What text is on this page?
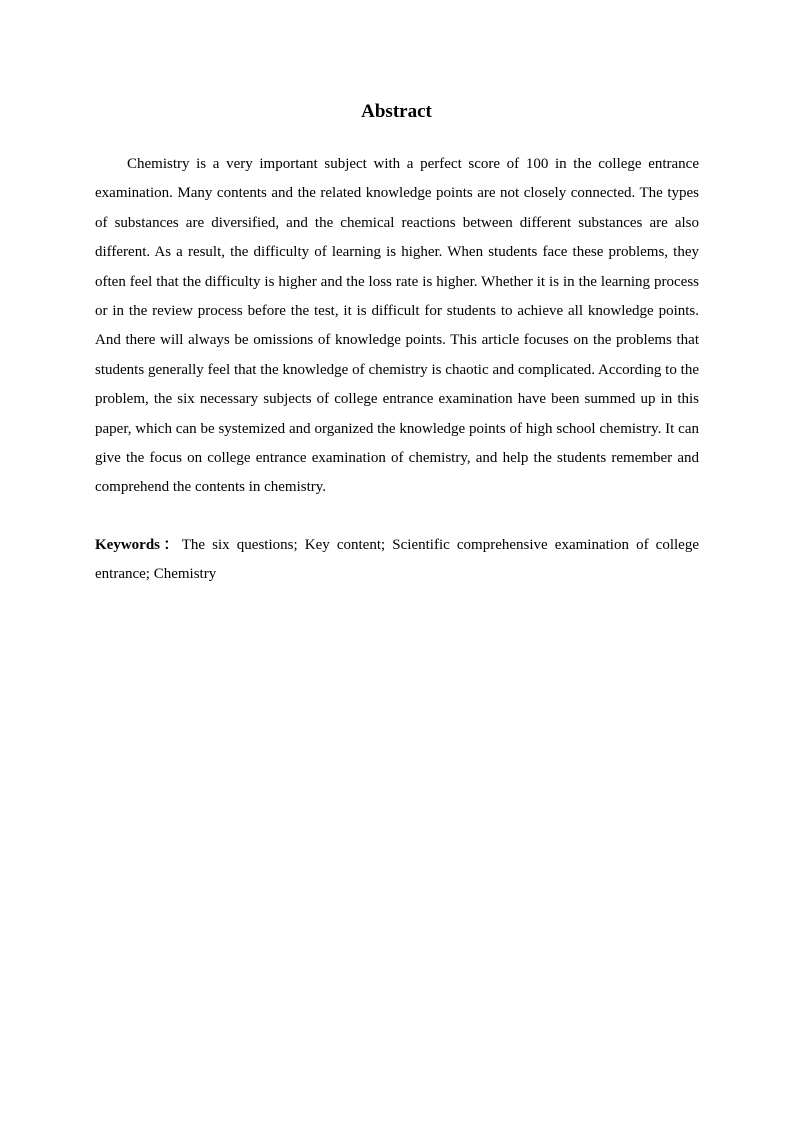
Abstract

Chemistry is a very important subject with a perfect score of 100 in the college entrance examination. Many contents and the related knowledge points are not closely connected. The types of substances are diversified, and the chemical reactions between different substances are also different. As a result, the difficulty of learning is higher. When students face these problems, they often feel that the difficulty is higher and the loss rate is higher. Whether it is in the learning process or in the review process before the test, it is difficult for students to achieve all knowledge points. And there will always be omissions of knowledge points. This article focuses on the problems that students generally feel that the knowledge of chemistry is chaotic and complicated. According to the problem, the six necessary subjects of college entrance examination have been summed up in this paper, which can be systemized and organized the knowledge points of high school chemistry. It can give the focus on college entrance examination of chemistry, and help the students remember and comprehend the contents in chemistry.

Keywords：The six questions; Key content; Scientific comprehensive examination of college entrance; Chemistry
